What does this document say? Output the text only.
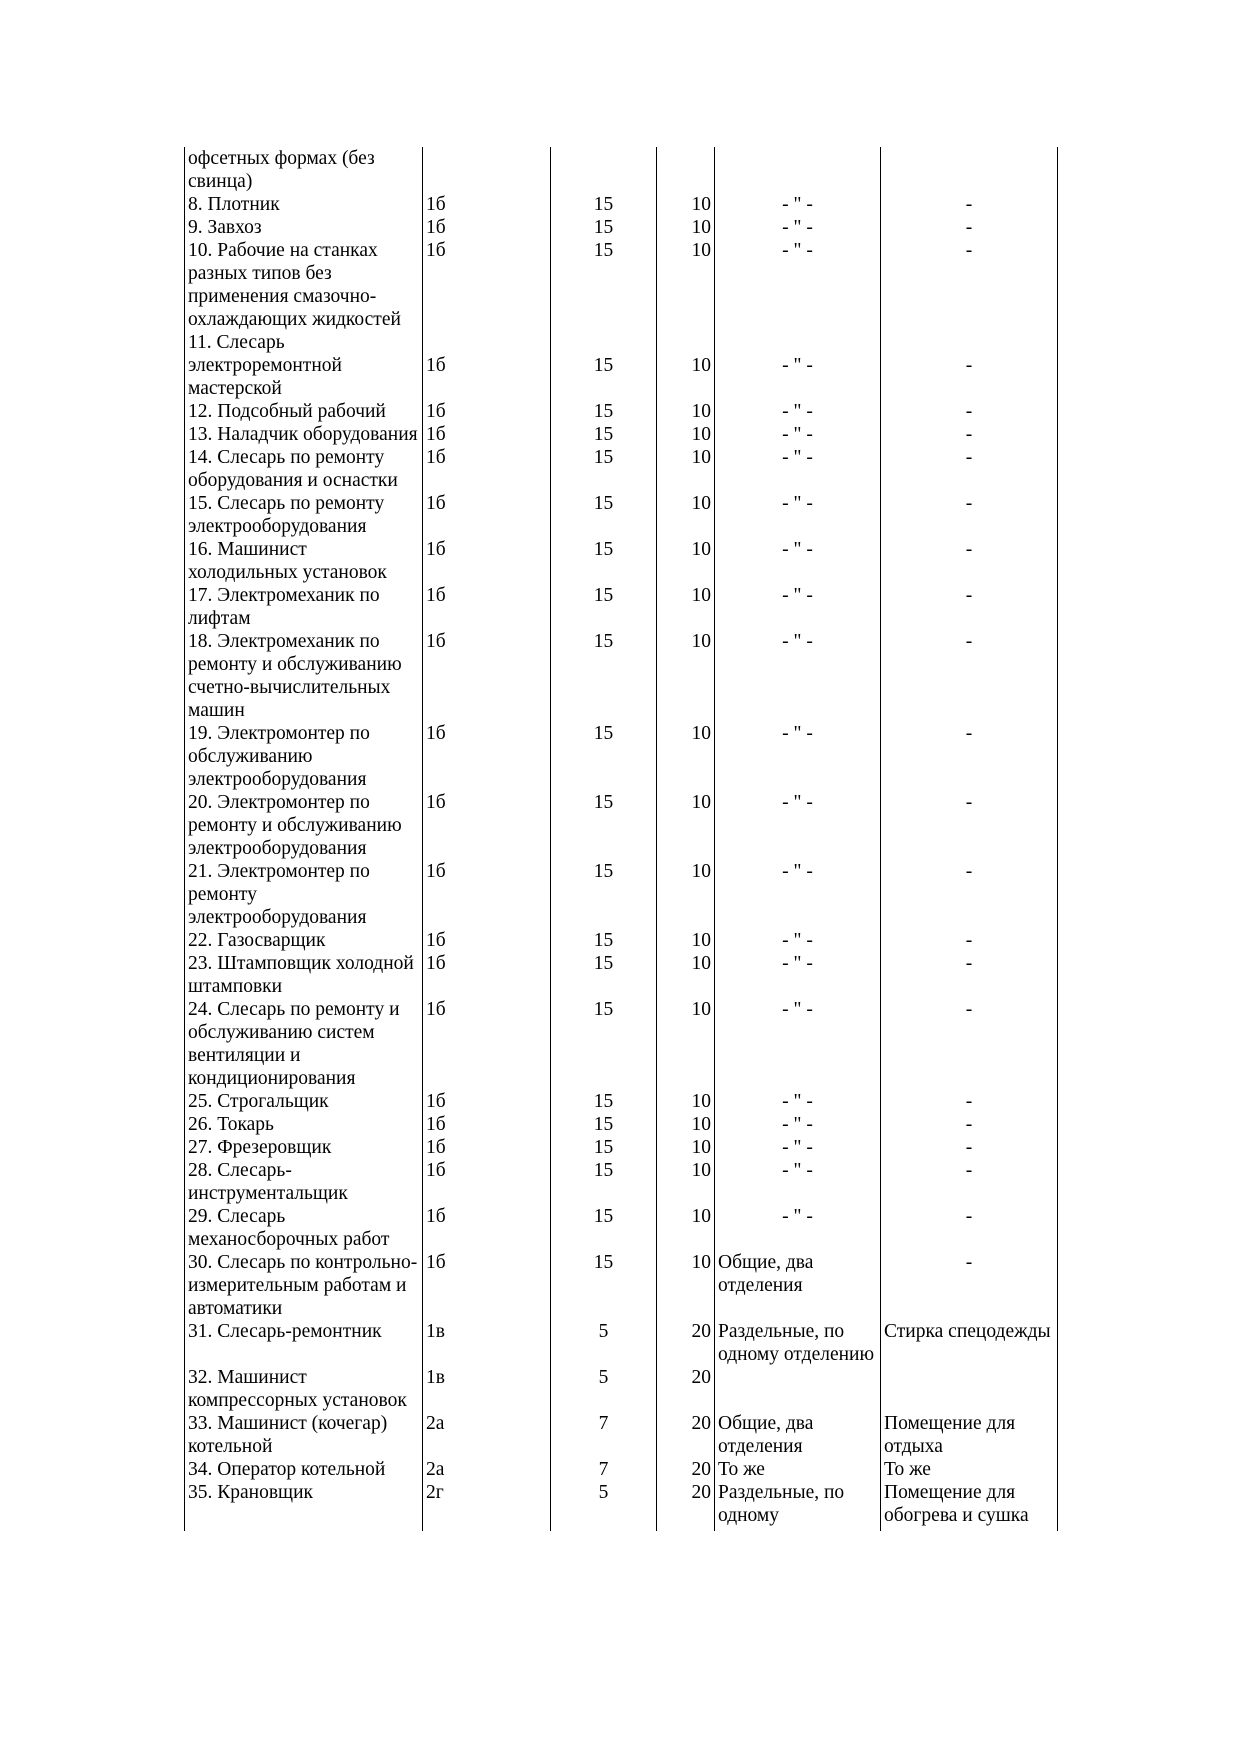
офсетных формах (без свинца)					
8. Плотник	1б	15	10	- " -	-
9. Завхоз	1б	15	10	- " -	-
10. Рабочие на станках разных типов без применения смазочно-охлаждающих жидкостей	1б	15	10	- " -	-
11. Слесарь электроремонтной мастерской	1б	15	10	- " -	-
12. Подсобный рабочий	1б	15	10	- " -	-
13. Наладчик оборудования	1б	15	10	- " -	-
14. Слесарь по ремонту оборудования и оснастки	1б	15	10	- " -	-
15. Слесарь по ремонту электрооборудования	1б	15	10	- " -	-
16. Машинист холодильных установок	1б	15	10	- " -	-
17. Электромеханик по лифтам	1б	15	10	- " -	-
18. Электромеханик по ремонту и обслуживанию счетно-вычислительных машин	1б	15	10	- " -	-
19. Электромонтер по обслуживанию электрооборудования	1б	15	10	- " -	-
20. Электромонтер по ремонту и обслуживанию электрооборудования	1б	15	10	- " -	-
21. Электромонтер по ремонту электрооборудования	1б	15	10	- " -	-
22. Газосварщик	1б	15	10	- " -	-
23. Штамповщик холодной штамповки	1б	15	10	- " -	-
24. Слесарь по ремонту и обслуживанию систем вентиляции и кондиционирования	1б	15	10	- " -	-
25. Строгальщик	1б	15	10	- " -	-
26. Токарь	1б	15	10	- " -	-
27. Фрезеровщик	1б	15	10	- " -	-
28. Слесарь-инструментальщик	1б	15	10	- " -	-
29. Слесарь механосборочных работ	1б	15	10	- " -	-
30. Слесарь по контрольно-измерительным работам и автоматики	1б	15	10	Общие, два отделения	-
31. Слесарь-ремонтник	1в	5	20	Раздельные, по одному отделению	Стирка спецодежды
32. Машинист компрессорных установок	1в	5	20		
33. Машинист (кочегар) котельной	2а	7	20	Общие, два отделения	Помещение для отдыха
34. Оператор котельной	2а	7	20	То же	То же
35. Крановщик	2г	5	20	Раздельные, по одному	Помещение для обогрева и сушка
